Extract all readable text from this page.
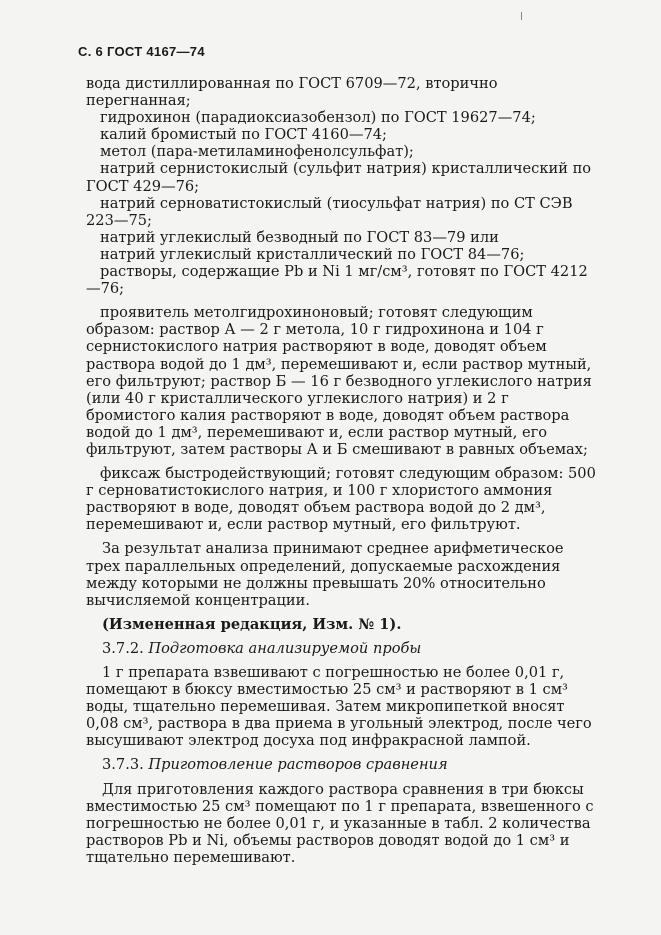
С. 6 ГОСТ 4167—74

вода дистиллированная по ГОСТ 6709—72, вторично перегнанная;

гидрохинон (парадиоксиазобензол) по ГОСТ 19627—74;

калий бромистый по ГОСТ 4160—74;

метол (пара-метиламинофенолсульфат);

натрий сернистокислый (сульфит натрия) кристаллический по ГОСТ 429—76;

натрий серноватистокислый (тиосульфат натрия) по СТ СЭВ 223—75;

натрий углекислый безводный по ГОСТ 83—79 или

натрий углекислый кристаллический по ГОСТ 84—76;

растворы, содержащие Pb и Ni 1 мг/см³, готовят по ГОСТ 4212—76;

проявитель метолгидрохиноновый; готовят следующим образом: раствор А — 2 г метола, 10 г гидрохинона и 104 г сернистокислого натрия растворяют в воде, доводят объем раствора водой до 1 дм³, перемешивают и, если раствор мутный, его фильтруют; раствор Б — 16 г безводного углекислого натрия (или 40 г кристаллического углекислого натрия) и 2 г бромистого калия растворяют в воде, доводят объем раствора водой до 1 дм³, перемешивают и, если раствор мутный, его фильтруют, затем растворы А и Б смешивают в равных объемах;

фиксаж быстродействующий; готовят следующим образом: 500 г серноватистокислого натрия, и 100 г хлористого аммония растворяют в воде, доводят объем раствора водой до 2 дм³, перемешивают и, если раствор мутный, его фильтруют.

За результат анализа принимают среднее арифметическое трех параллельных определений, допускаемые расхождения между которыми не должны превышать 20% относительно вычисляемой концентрации.

(Измененная редакция, Изм. № 1).

3.7.2. Подготовка анализируемой пробы

1 г препарата взвешивают с погрешностью не более 0,01 г, помещают в бюксу вместимостью 25 см³ и растворяют в 1 см³ воды, тщательно перемешивая. Затем микропипеткой вносят 0,08 см³, раствора в два приема в угольный электрод, после чего высушивают электрод досуха под инфракрасной лампой.

3.7.3. Приготовление растворов сравнения

Для приготовления каждого раствора сравнения в три бюксы вместимостью 25 см³ помещают по 1 г препарата, взвешенного с погрешностью не более 0,01 г, и указанные в табл. 2 количества растворов Pb и Ni, объемы растворов доводят водой до 1 см³ и тщательно перемешивают.
